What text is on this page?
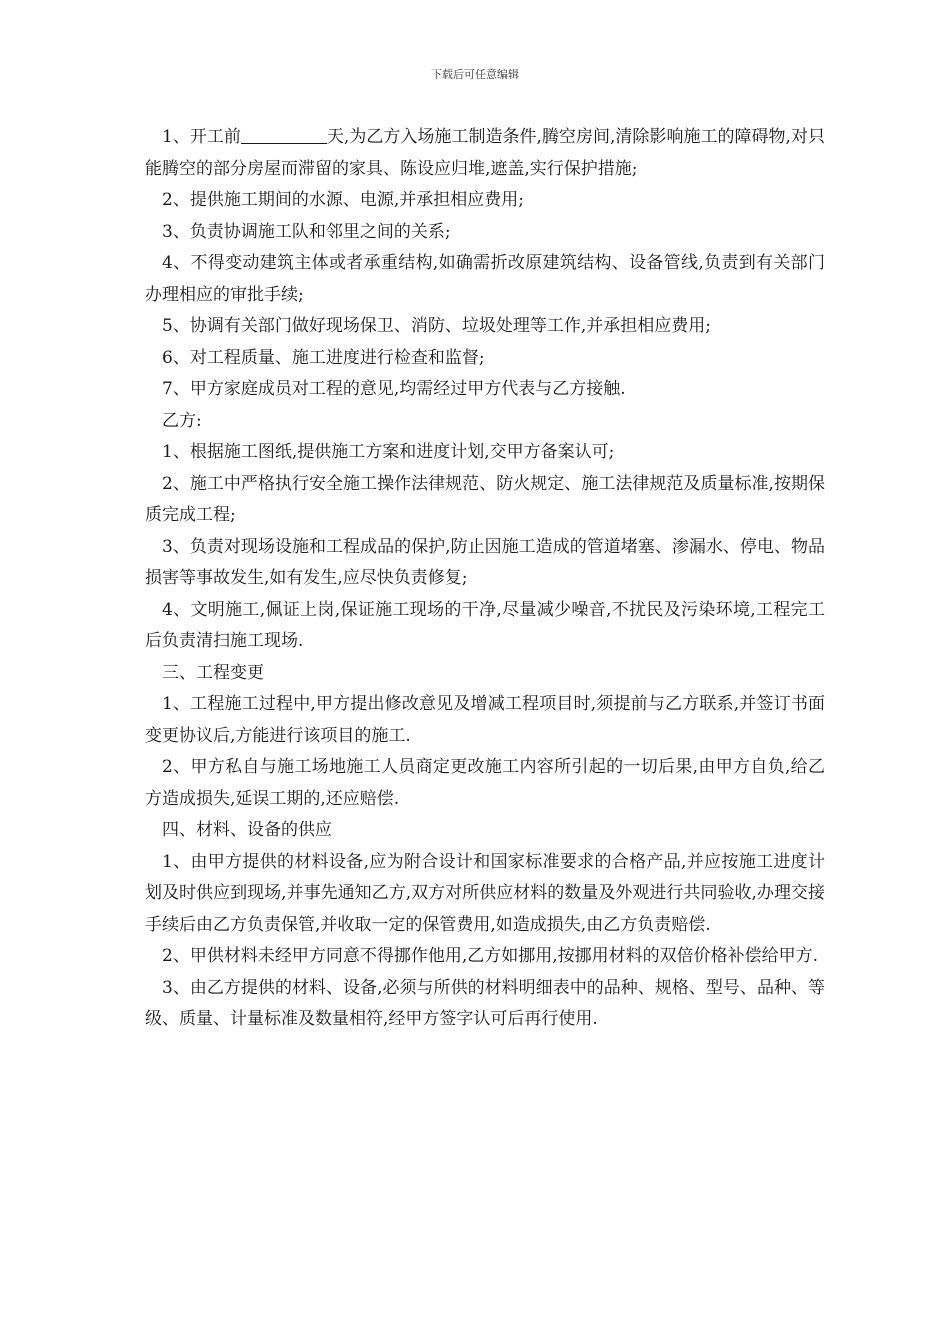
下载后可任意编辑

1、开工前	天,为乙方入场施工制造条件,腾空房间,清除影响施工的障碍物,对只能腾空的部分房屋而滞留的家具、陈设应归堆,遮盖,实行保护措施;

2、提供施工期间的水源、电源,并承担相应费用;

3、负责协调施工队和邻里之间的关系;

4、不得变动建筑主体或者承重结构,如确需折改原建筑结构、设备管线,负责到有关部门办理相应的审批手续;

5、协调有关部门做好现场保卫、消防、垃圾处理等工作,并承担相应费用;

6、对工程质量、施工进度进行检查和监督;

7、甲方家庭成员对工程的意见,均需经过甲方代表与乙方接触.

乙方:

1、根据施工图纸,提供施工方案和进度计划,交甲方备案认可;

2、施工中严格执行安全施工操作法律规范、防火规定、施工法律规范及质量标准,按期保质完成工程;

3、负责对现场设施和工程成品的保护,防止因施工造成的管道堵塞、渗漏水、停电、物品损害等事故发生,如有发生,应尽快负责修复;

4、文明施工,佩证上岗,保证施工现场的干净,尽量减少噪音,不扰民及污染环境,工程完工后负责清扫施工现场.

三、工程变更

1、工程施工过程中,甲方提出修改意见及增减工程项目时,须提前与乙方联系,并签订书面变更协议后,方能进行该项目的施工.

2、甲方私自与施工场地施工人员商定更改施工内容所引起的一切后果,由甲方自负,给乙方造成损失,延误工期的,还应赔偿.

四、材料、设备的供应

1、由甲方提供的材料设备,应为附合设计和国家标准要求的合格产品,并应按施工进度计划及时供应到现场,并事先通知乙方,双方对所供应材料的数量及外观进行共同验收,办理交接手续后由乙方负责保管,并收取一定的保管费用,如造成损失,由乙方负责赔偿.

2、甲供材料未经甲方同意不得挪作他用,乙方如挪用,按挪用材料的双倍价格补偿给甲方.

3、由乙方提供的材料、设备,必须与所供的材料明细表中的品种、规格、型号、品种、等级、质量、计量标准及数量相符,经甲方签字认可后再行使用.
